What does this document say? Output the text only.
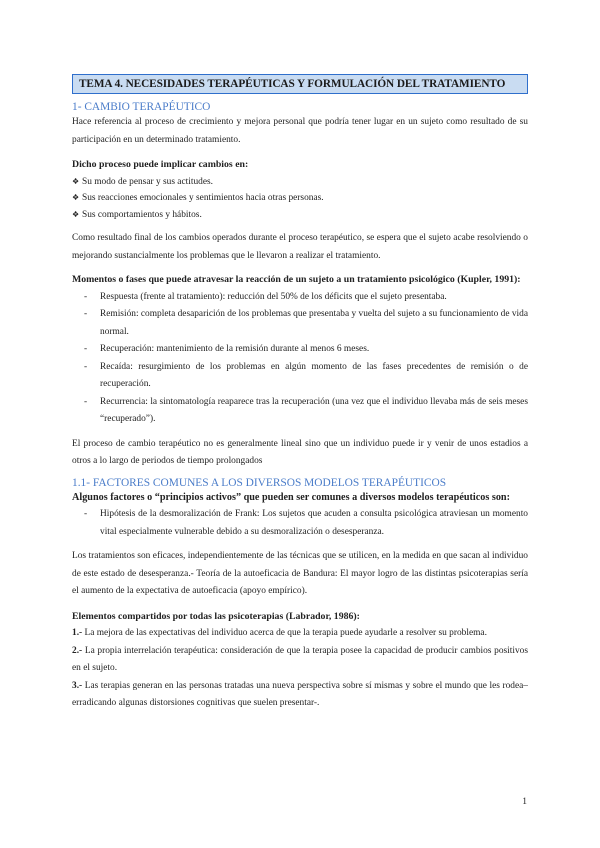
TEMA 4. NECESIDADES TERAPÉUTICAS Y FORMULACIÓN DEL TRATAMIENTO
1- CAMBIO TERAPÉUTICO

Hace referencia al proceso de crecimiento y mejora personal que podría tener lugar en un sujeto como resultado de su participación en un determinado tratamiento.

Dicho proceso puede implicar cambios en:

❖ Su modo de pensar y sus actitudes.
❖ Sus reacciones emocionales y sentimientos hacia otras personas.
❖ Sus comportamientos y hábitos.

Como resultado final de los cambios operados durante el proceso terapéutico, se espera que el sujeto acabe resolviendo o mejorando sustancialmente los problemas que le llevaron a realizar el tratamiento.

Momentos o fases que puede atravesar la reacción de un sujeto a un tratamiento psicológico (Kupler, 1991):

- Respuesta (frente al tratamiento): reducción del 50% de los déficits que el sujeto presentaba.
- Remisión: completa desaparición de los problemas que presentaba y vuelta del sujeto a su funcionamiento de vida normal.
- Recuperación: mantenimiento de la remisión durante al menos 6 meses.
- Recaída: resurgimiento de los problemas en algún momento de las fases precedentes de remisión o de recuperación.
- Recurrencia: la sintomatología reaparece tras la recuperación (una vez que el individuo llevaba más de seis meses “recuperado”).

El proceso de cambio terapéutico no es generalmente lineal sino que un individuo puede ir y venir de unos estadios a otros a lo largo de periodos de tiempo prolongados

1.1- FACTORES COMUNES A LOS DIVERSOS MODELOS TERAPÉUTICOS

Algunos factores o “principios activos” que pueden ser comunes a diversos modelos terapéuticos son:

- Hipótesis de la desmoralización de Frank: Los sujetos que acuden a consulta psicológica atraviesan un momento vital especialmente vulnerable debido a su desmoralización o desesperanza.

Los tratamientos son eficaces, independientemente de las técnicas que se utilicen, en la medida en que sacan al individuo de este estado de desesperanza.- Teoría de la autoeficacia de Bandura: El mayor logro de las distintas psicoterapias sería el aumento de la expectativa de autoeficacia (apoyo empírico).

Elementos compartidos por todas las psicoterapias (Labrador, 1986):

1.- La mejora de las expectativas del individuo acerca de que la terapia puede ayudarle a resolver su problema.

2.- La propia interrelación terapéutica: consideración de que la terapia posee la capacidad de producir cambios positivos en el sujeto.

3.- Las terapias generan en las personas tratadas una nueva perspectiva sobre sí mismas y sobre el mundo que les rodea–erradicando algunas distorsiones cognitivas que suelen presentar-.

1
